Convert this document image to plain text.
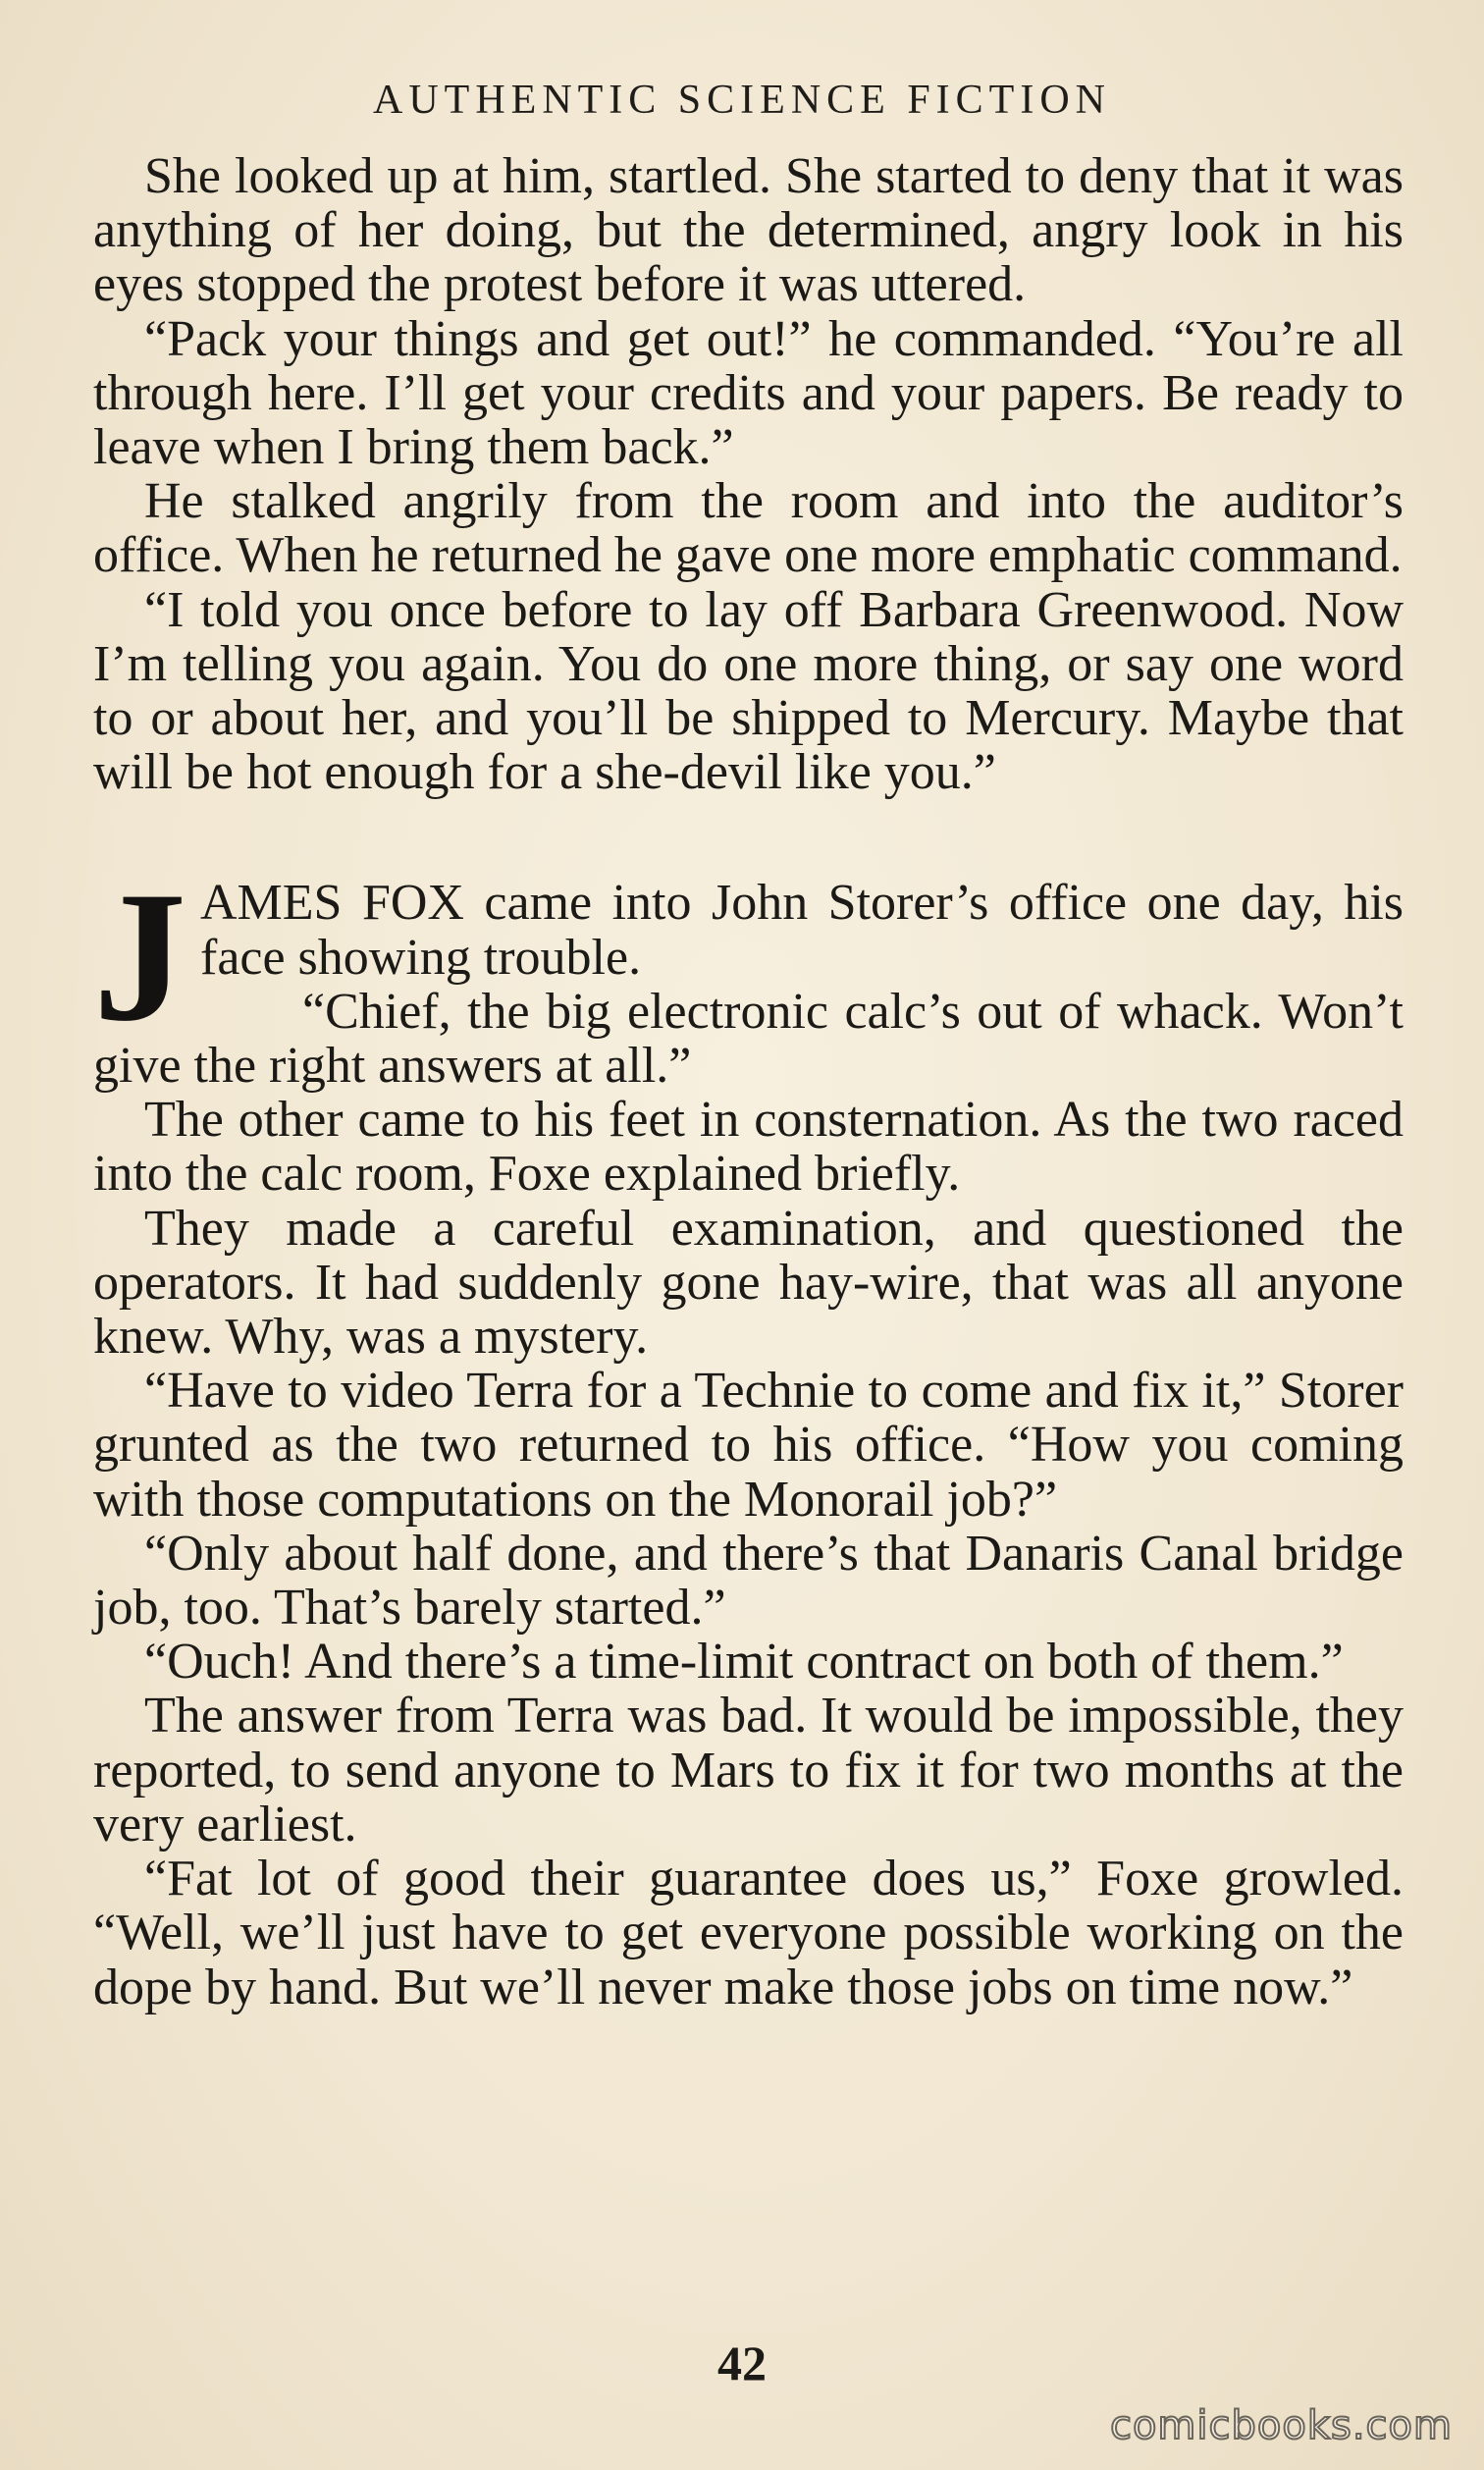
AUTHENTIC SCIENCE FICTION

She looked up at him, startled. She started to deny that it was anything of her doing, but the determined, angry look in his eyes stopped the protest before it was uttered.

“Pack your things and get out!” he commanded. “You’re all through here. I’ll get your credits and your papers. Be ready to leave when I bring them back.”

He stalked angrily from the room and into the auditor’s office. When he returned he gave one more emphatic command.

“I told you once before to lay off Barbara Greenwood. Now I’m telling you again. You do one more thing, or say one word to or about her, and you’ll be shipped to Mercury. Maybe that will be hot enough for a she-devil like you.”

J AMES FOX came into John Storer’s office one day, his face showing trouble.

“Chief, the big electronic calc’s out of whack. Won’t give the right answers at all.”

The other came to his feet in consternation. As the two raced into the calc room, Foxe explained briefly.

They made a careful examination, and questioned the operators. It had suddenly gone hay-wire, that was all anyone knew. Why, was a mystery.

“Have to video Terra for a Technie to come and fix it,” Storer grunted as the two returned to his office. “How you coming with those computations on the Monorail job?”

“Only about half done, and there’s that Danaris Canal bridge job, too. That’s barely started.”

“Ouch! And there’s a time-limit contract on both of them.”

The answer from Terra was bad. It would be impossible, they reported, to send anyone to Mars to fix it for two months at the very earliest.

“Fat lot of good their guarantee does us,” Foxe growled. “Well, we’ll just have to get everyone possible working on the dope by hand. But we’ll never make those jobs on time now.”

42
comicbooks.com
